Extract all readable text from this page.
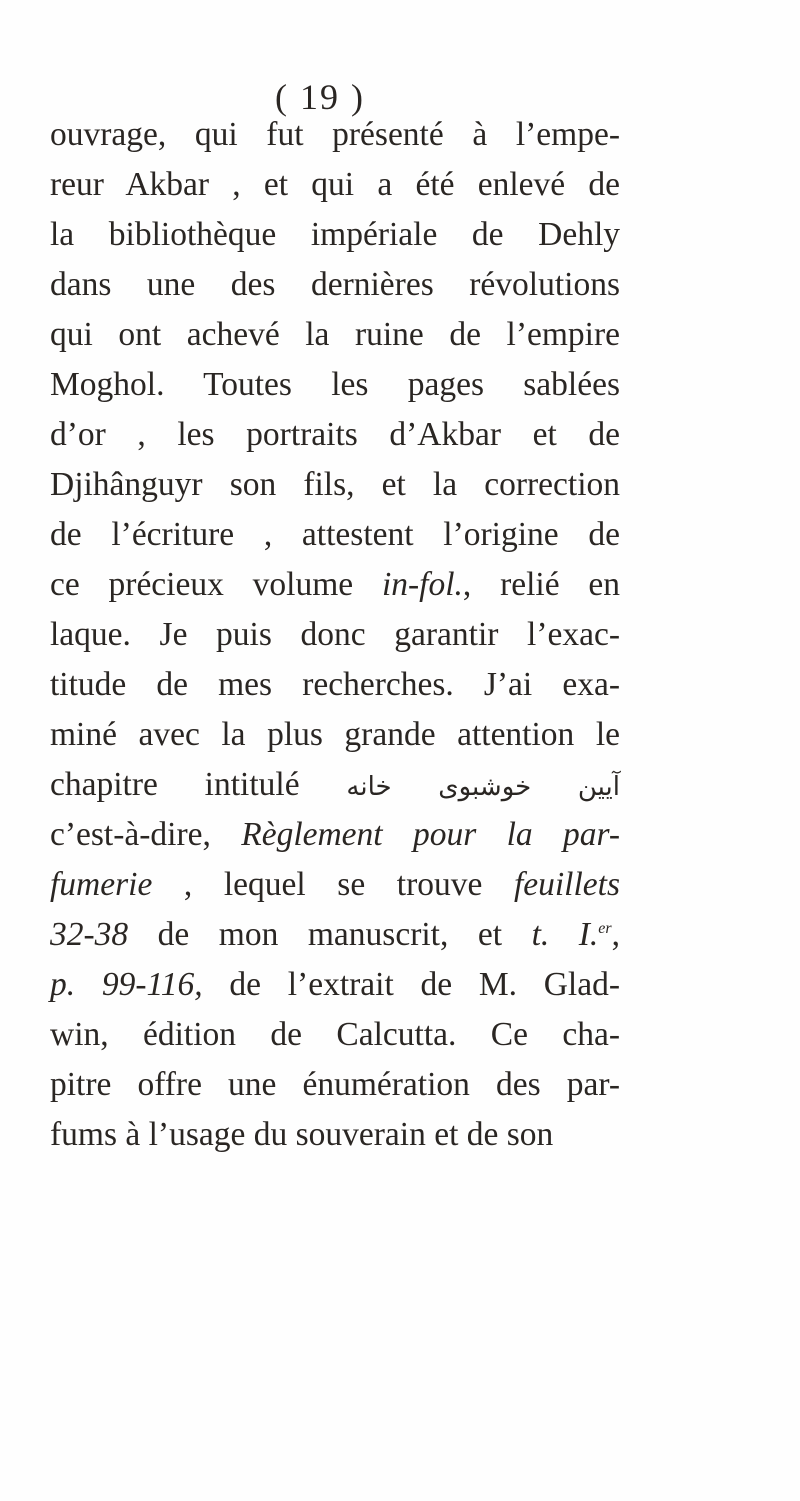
( 19 )
ouvrage, qui fut présenté à l’empe-
reur Akbar , et qui a été enlevé de
la bibliothèque impériale de Dehly
dans une des dernières révolutions
qui ont achevé la ruine de l’empire
Moghol. Toutes les pages sablées
d’or , les portraits d’Akbar et de
Djihânguyr son fils, et la correction
de l’écriture , attestent l’origine de
ce précieux volume in-fol., relié en
laque. Je puis donc garantir l’exac-
titude de mes recherches. J’ai exa-
miné avec la plus grande attention le
chapitre intitulé آیین خوشبوی خانه
c’est-à-dire, Règlement pour la par-
fumerie , lequel se trouve feuillets
32-38 de mon manuscrit, et t. I.$^{er}$,
p. 99-116, de l’extrait de M. Glad-
win, édition de Calcutta. Ce cha-
pitre offre une énumération des par-
fums à l’usage du souverain et de son
